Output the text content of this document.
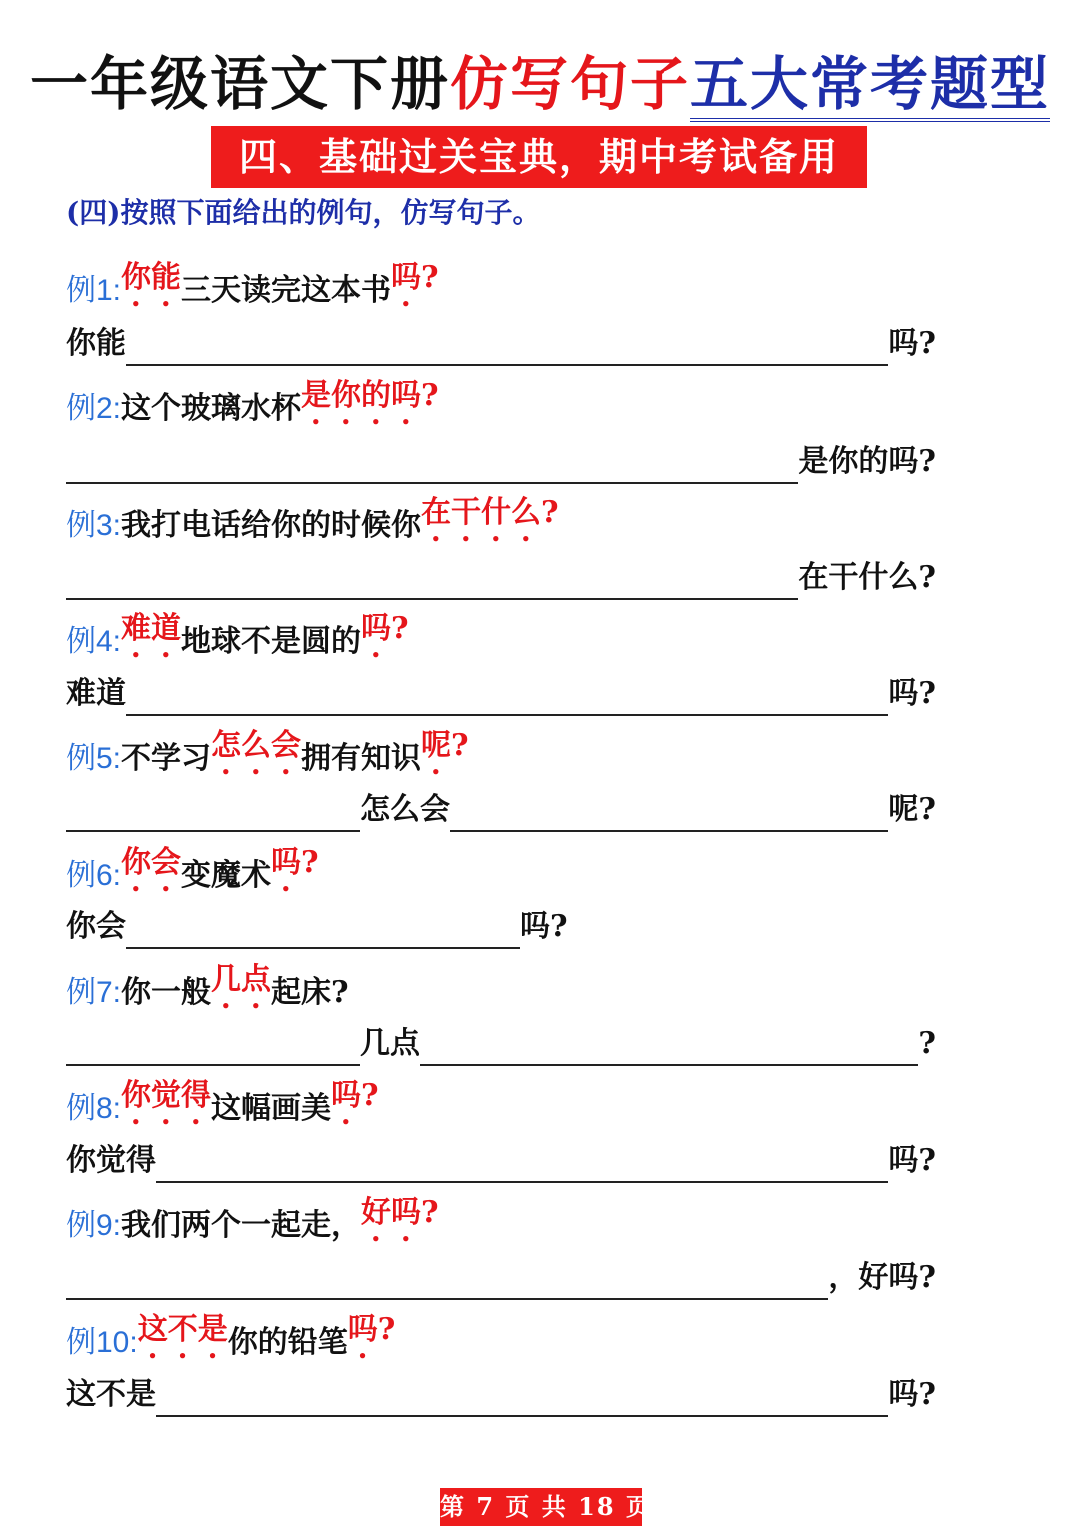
一年级语文下册仿写句子五大常考题型
四、基础过关宝典，期中考试备用
(四)按照下面给出的例句，仿写句子。
例1: 你能 三天读完这本书 吗?
你能	吗?
例2: 这个玻璃水杯 是你的吗?
是你的吗?
例3: 我打电话给你的时候你 在干什么?
在干什么?
例4: 难道 地球不是圆的 吗?
难道	吗?
例5: 不学习 怎么会 拥有知识 呢?
怎么会	呢?
例6: 你会 变魔术 吗?
你会	吗?
例7: 你一般 几点 起床?
几点	?
例8: 你觉得 这幅画美 吗?
你觉得	吗?
例9: 我们两个一起走， 好吗?
，好吗?
例10: 这不是 你的铅笔 吗?
这不是	吗?
第 7 页 共 18 页
